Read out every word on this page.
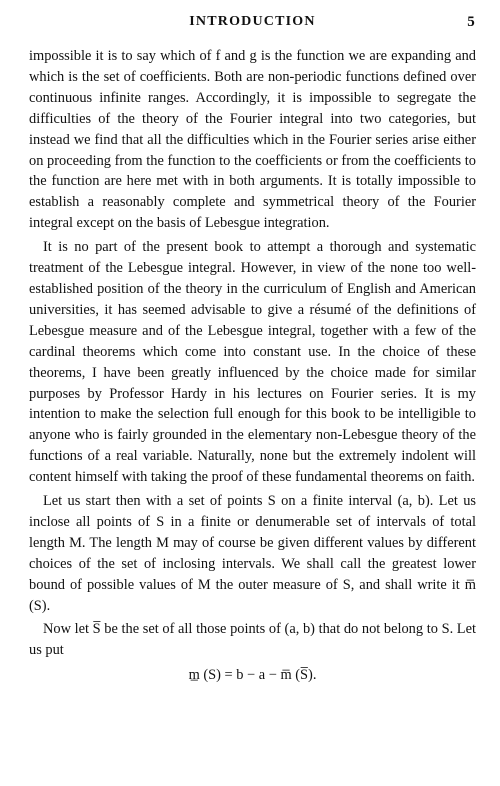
INTRODUCTION	5

impossible it is to say which of f and g is the function we are expanding and which is the set of coefficients. Both are non-periodic functions defined over continuous infinite ranges. Accordingly, it is impossible to segregate the difficulties of the theory of the Fourier integral into two categories, but instead we find that all the difficulties which in the Fourier series arise either on proceeding from the function to the coefficients or from the coefficients to the function are here met with in both arguments. It is totally impossible to establish a reasonably complete and symmetrical theory of the Fourier integral except on the basis of Lebesgue integration.

It is no part of the present book to attempt a thorough and systematic treatment of the Lebesgue integral. However, in view of the none too well-established position of the theory in the curriculum of English and American universities, it has seemed advisable to give a résumé of the definitions of Lebesgue measure and of the Lebesgue integral, together with a few of the cardinal theorems which come into constant use. In the choice of these theorems, I have been greatly influenced by the choice made for similar purposes by Professor Hardy in his lectures on Fourier series. It is my intention to make the selection full enough for this book to be intelligible to anyone who is fairly grounded in the elementary non-Lebesgue theory of the functions of a real variable. Naturally, none but the extremely indolent will content himself with taking the proof of these fundamental theorems on faith.

Let us start then with a set of points S on a finite interval (a, b). Let us inclose all points of S in a finite or denumerable set of intervals of total length M. The length M may of course be given different values by different choices of the set of inclosing intervals. We shall call the greatest lower bound of possible values of M the outer measure of S, and shall write it m̅ (S).

Now let S̅ be the set of all those points of (a, b) that do not belong to S. Let us put

m̲ (S) = b − a − m̅ (S̅).
